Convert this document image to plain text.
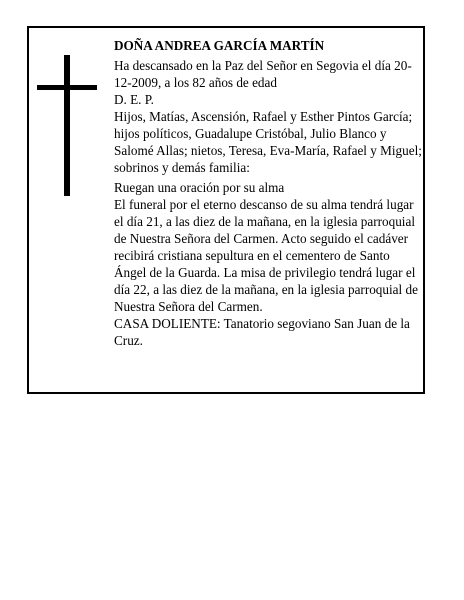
DOÑA ANDREA GARCÍA MARTÍN

Ha descansado en la Paz del Señor en Segovia el día 20-12-2009, a los 82 años de edad

D. E. P.

Hijos, Matías, Ascensión, Rafael y Esther Pintos García; hijos políticos, Guadalupe Cristóbal, Julio Blanco y Salomé Allas; nietos, Teresa, Eva-María, Rafael y Miguel; sobrinos y demás familia:

Ruegan una oración por su alma

El funeral por el eterno descanso de su alma tendrá lugar el día 21, a las diez de la mañana, en la iglesia parroquial de Nuestra Señora del Carmen. Acto seguido el cadáver recibirá cristiana sepultura en el cementero de Santo Ángel de la Guarda. La misa de privilegio tendrá lugar el día 22, a las diez de la mañana, en la iglesia parroquial de Nuestra Señora del Carmen.

CASA DOLIENTE: Tanatorio segoviano San Juan de la Cruz.
